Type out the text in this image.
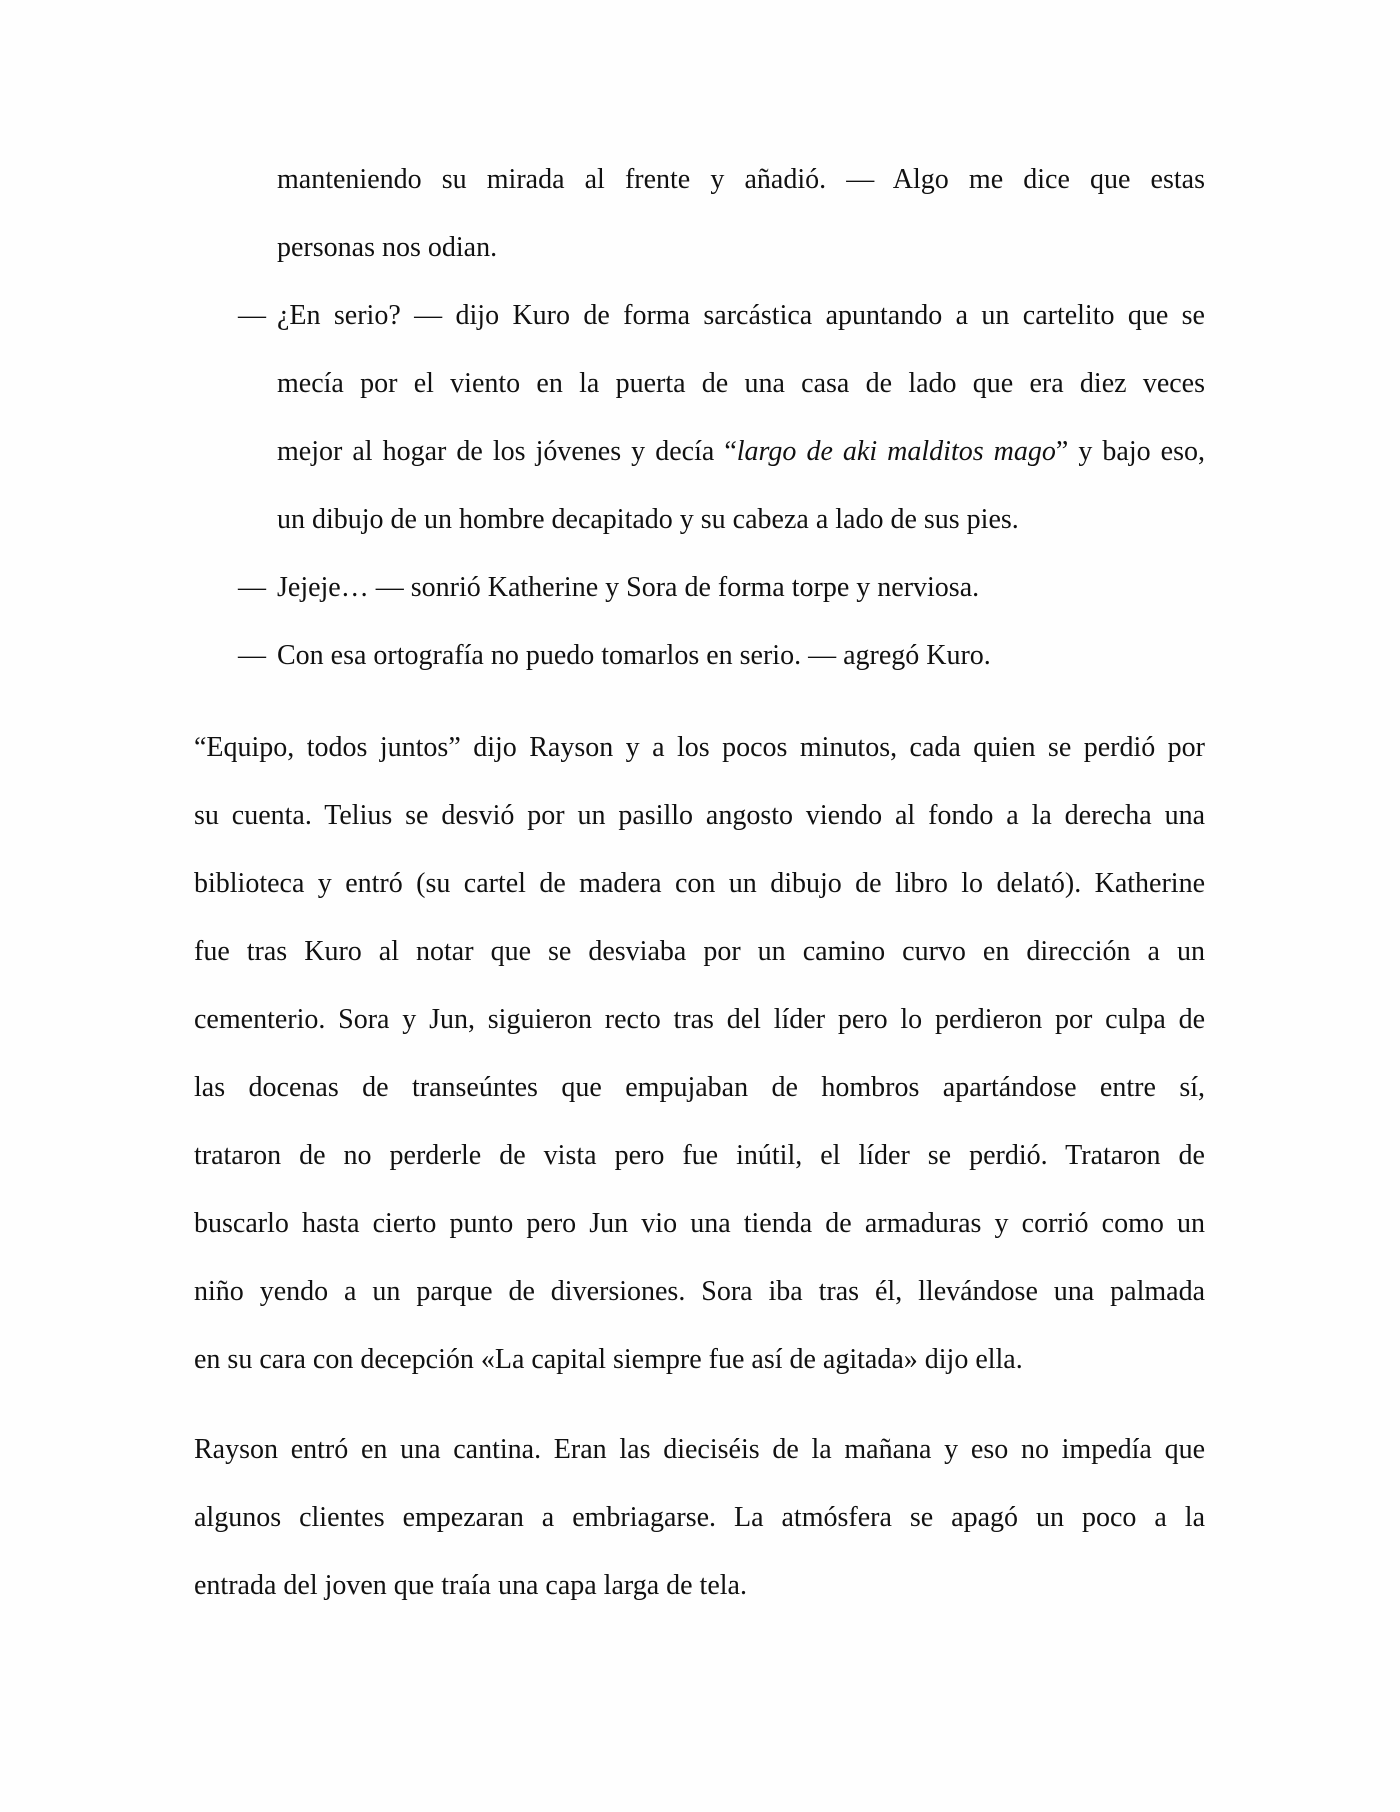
manteniendo su mirada al frente y añadió. — Algo me dice que estas
personas nos odian.
— ¿En serio? — dijo Kuro de forma sarcástica apuntando a un cartelito que se
mecía por el viento en la puerta de una casa de lado que era diez veces
mejor al hogar de los jóvenes y decía “largo de aki malditos mago” y bajo eso,
un dibujo de un hombre decapitado y su cabeza a lado de sus pies.
— Jejeje… — sonrió Katherine y Sora de forma torpe y nerviosa.
— Con esa ortografía no puedo tomarlos en serio. — agregó Kuro.
“Equipo, todos juntos” dijo Rayson y a los pocos minutos, cada quien se perdió por
su cuenta. Telius se desvió por un pasillo angosto viendo al fondo a la derecha una
biblioteca y entró (su cartel de madera con un dibujo de libro lo delató). Katherine
fue tras Kuro al notar que se desviaba por un camino curvo en dirección a un
cementerio. Sora y Jun, siguieron recto tras del líder pero lo perdieron por culpa de
las docenas de transeúntes que empujaban de hombros apartándose entre sí,
trataron de no perderle de vista pero fue inútil, el líder se perdió. Trataron de
buscarlo hasta cierto punto pero Jun vio una tienda de armaduras y corrió como un
niño yendo a un parque de diversiones. Sora iba tras él, llevándose una palmada
en su cara con decepción «La capital siempre fue así de agitada» dijo ella.
Rayson entró en una cantina. Eran las dieciséis de la mañana y eso no impedía que
algunos clientes empezaran a embriagarse. La atmósfera se apagó un poco a la
entrada del joven que traía una capa larga de tela.
